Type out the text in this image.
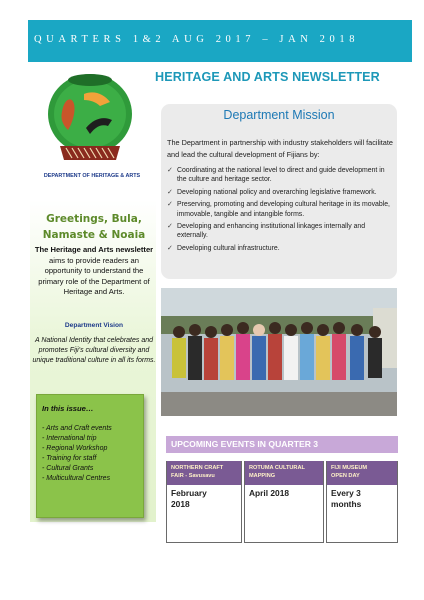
QUARTERS 1&2 AUG 2017 – JAN 2018
DEPARTMENT OF HERITAGE & ARTS
Greetings, Bula, Namaste & Noaia
The Heritage and Arts newsletter aims to provide readers an opportunity to understand the primary role of the Department of Heritage and Arts.
Department Vision
A National Identity that celebrates and promotes Fiji's cultural diversity and unique traditional culture in all its forms.
In this issue…
- Arts and Craft events
- International trip
- Regional Workshop
- Training for staff
- Cultural Grants
- Multicultural Centres
HERITAGE AND ARTS NEWSLETTER
Department Mission
The Department in partnership with industry stakeholders will facilitate and lead the cultural development of Fijians by:
✓ Coordinating at the national level to direct and guide development in the culture and heritage sector.
✓ Developing national policy and overarching legislative framework.
✓ Preserving, promoting and developing cultural heritage in its movable, immovable, tangible and intangible forms.
✓ Developing and enhancing institutional linkages internally and externally.
✓ Developing cultural infrastructure.
UPCOMING EVENTS IN QUARTER 3
NORTHERN CRAFT
FAIR - Savusavu
February
2018
ROTUMA CULTURAL
MAPPING
April 2018
FIJI MUSEUM
OPEN DAY
Every 3
months
